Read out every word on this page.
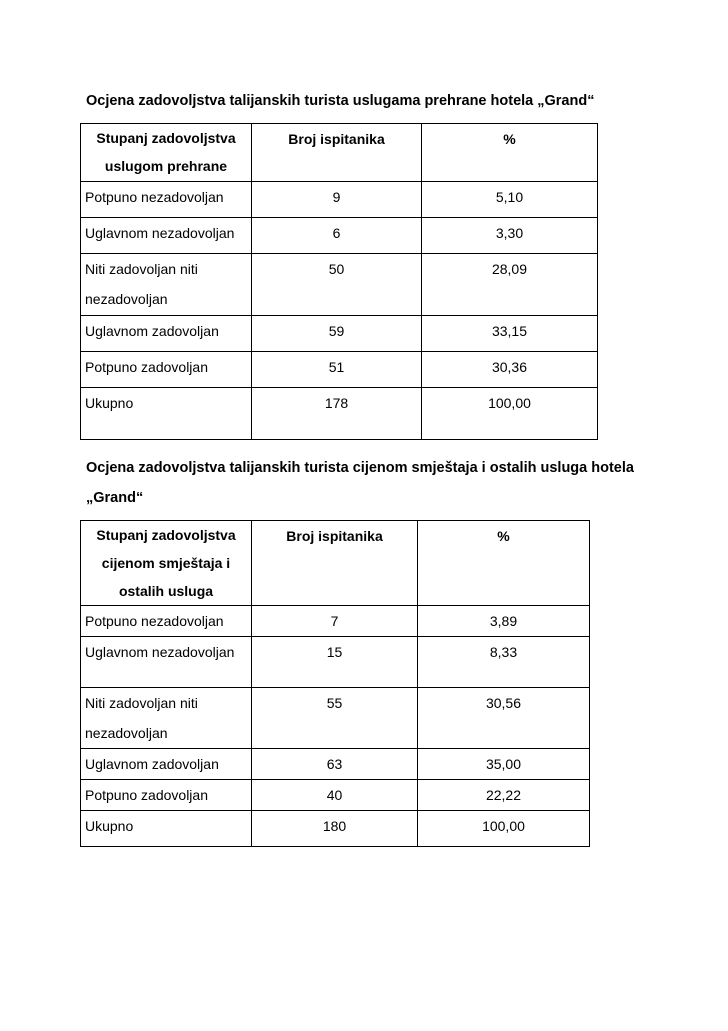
Ocjena zadovoljstva talijanskih turista uslugama prehrane hotela „Grand“
Stupanj zadovoljstva
uslugom prehrane	Broj ispitanika	%
Potpuno nezadovoljan	9	5,10
Uglavnom nezadovoljan	6	3,30
Niti zadovoljan niti nezadovoljan	50	28,09
Uglavnom zadovoljan	59	33,15
Potpuno zadovoljan	51	30,36
Ukupno	178	100,00
Ocjena zadovoljstva talijanskih turista cijenom smještaja i ostalih usluga hotela „Grand“
Stupanj zadovoljstva
cijenom smještaja i
ostalih usluga	Broj ispitanika	%
Potpuno nezadovoljan	7	3,89
Uglavnom nezadovoljan	15	8,33
Niti zadovoljan niti nezadovoljan	55	30,56
Uglavnom zadovoljan	63	35,00
Potpuno zadovoljan	40	22,22
Ukupno	180	100,00
